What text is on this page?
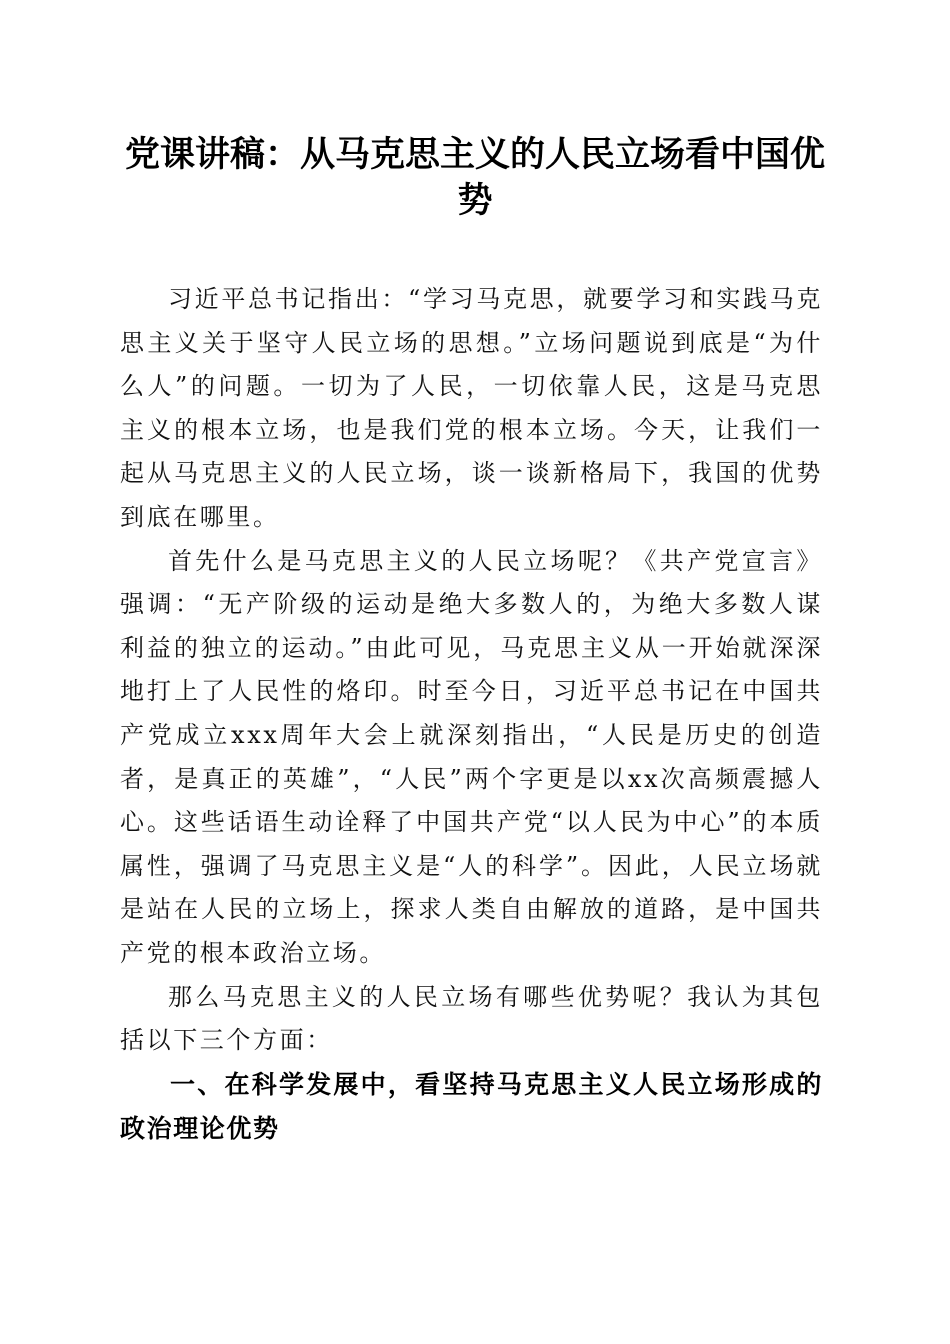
党课讲稿：从马克思主义的人民立场看中国优势

习近平总书记指出：“学习马克思，就要学习和实践马克思主义关于坚守人民立场的思想。”立场问题说到底是“为什么人”的问题。一切为了人民，一切依靠人民，这是马克思主义的根本立场，也是我们党的根本立场。今天，让我们一起从马克思主义的人民立场，谈一谈新格局下，我国的优势到底在哪里。

首先什么是马克思主义的人民立场呢？《共产党宣言》强调：“无产阶级的运动是绝大多数人的，为绝大多数人谋利益的独立的运动。”由此可见，马克思主义从一开始就深深地打上了人民性的烙印。时至今日，习近平总书记在中国共产党成立xxx周年大会上就深刻指出，“人民是历史的创造者，是真正的英雄”，“人民”两个字更是以xx次高频震撼人心。这些话语生动诠释了中国共产党“以人民为中心”的本质属性，强调了马克思主义是“人的科学”。因此，人民立场就是站在人民的立场上，探求人类自由解放的道路，是中国共产党的根本政治立场。

那么马克思主义的人民立场有哪些优势呢？我认为其包括以下三个方面：

一、在科学发展中，看坚持马克思主义人民立场形成的政治理论优势
